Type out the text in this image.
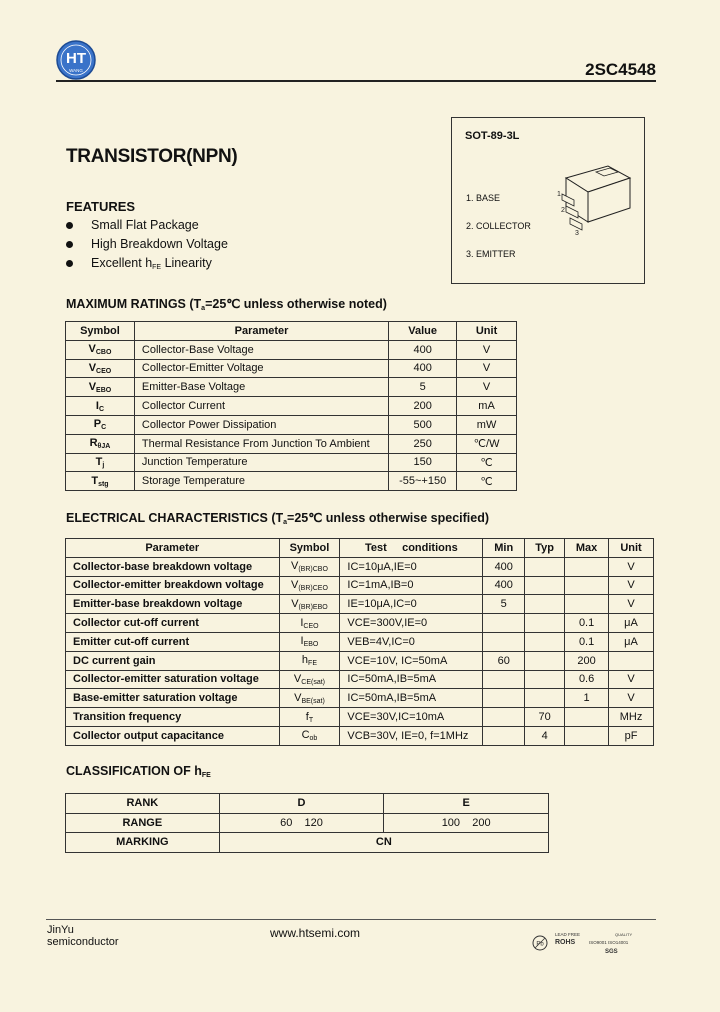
HT
WANG	2SC4548
TRANSISTOR(NPN)
SOT-89-3L
1. BASE
2. COLLECTOR
3. EMITTER
1
2
3
FEATURES
Small Flat Package
High Breakdown Voltage
Excellent $h_{FE}$ Linearity
MAXIMUM RATINGS ($T_a=25℃$ unless otherwise noted)
Symbol	Parameter	Value	Unit
$V_{CBO}$	Collector-Base Voltage	400	V
$V_{CEO}$	Collector-Emitter Voltage	400	V
$V_{EBO}$	Emitter-Base Voltage	5	V
$I_C$	Collector Current	200	mA
$P_C$	Collector Power Dissipation	500	mW
$R_{\theta JA}$	Thermal Resistance From Junction To Ambient	250	℃/W
$T_j$	Junction Temperature	150	℃
$T_{stg}$	Storage Temperature	-55~+150	℃
ELECTRICAL CHARACTERISTICS ($T_a=25℃$ unless otherwise specified)
Parameter	Symbol	Test     conditions	Min	Typ	Max	Unit
Collector-base breakdown voltage	$V_{(BR)CBO}$	IC=10μA,IE=0	400			V
Collector-emitter breakdown voltage	$V_{(BR)CEO}$	IC=1mA,IB=0	400			V
Emitter-base breakdown voltage	$V_{(BR)EBO}$	IE=10μA,IC=0	5			V
Collector cut-off current	$I_{CEO}$	VCE=300V,IE=0			0.1	μA
Emitter cut-off current	$I_{EBO}$	VEB=4V,IC=0			0.1	μA
DC current gain	$h_{FE}$	VCE=10V, IC=50mA	60		200	
Collector-emitter saturation voltage	$V_{CE(sat)}$	IC=50mA,IB=5mA			0.6	V
Base-emitter saturation voltage	$V_{BE(sat)}$	IC=50mA,IB=5mA			1	V
Transition frequency	$f_T$	VCE=30V,IC=10mA		70		MHz
Collector output capacitance	$C_{ob}$	VCB=30V, IE=0, f=1MHz		4		pF
CLASSIFICATION OF $h_{FE}$
RANK	D	E
RANGE	60    120	100    200
MARKING	CN	
JinYu
semiconductor
www.htsemi.com
Pb
LEAD FREE
ROHS
QUALITY
ISO9001 ISO14001
SGS
